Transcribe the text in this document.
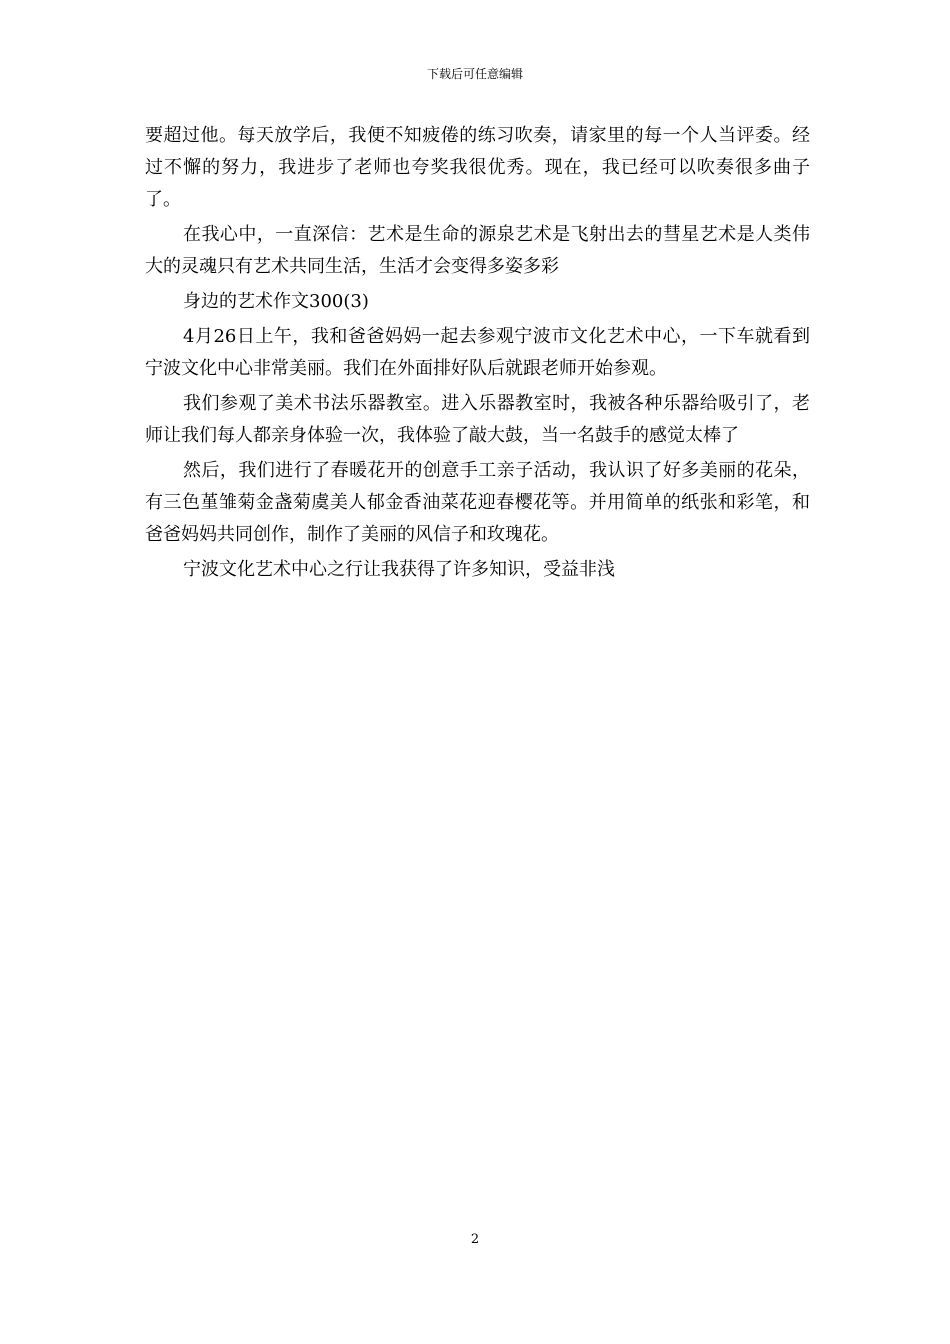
下载后可任意编辑

要超过他。每天放学后，我便不知疲倦的练习吹奏，请家里的每一个人当评委。经过不懈的努力，我进步了老师也夸奖我很优秀。现在，我已经可以吹奏很多曲子了。

在我心中，一直深信：艺术是生命的源泉艺术是飞射出去的彗星艺术是人类伟大的灵魂只有艺术共同生活，生活才会变得多姿多彩

身边的艺术作文300(3)

4月26日上午，我和爸爸妈妈一起去参观宁波市文化艺术中心，一下车就看到宁波文化中心非常美丽。我们在外面排好队后就跟老师开始参观。

我们参观了美术书法乐器教室。进入乐器教室时，我被各种乐器给吸引了，老师让我们每人都亲身体验一次，我体验了敲大鼓，当一名鼓手的感觉太棒了

然后，我们进行了春暖花开的创意手工亲子活动，我认识了好多美丽的花朵，有三色堇雏菊金盏菊虞美人郁金香油菜花迎春樱花等。并用简单的纸张和彩笔，和爸爸妈妈共同创作，制作了美丽的风信子和玫瑰花。

宁波文化艺术中心之行让我获得了许多知识，受益非浅

2
